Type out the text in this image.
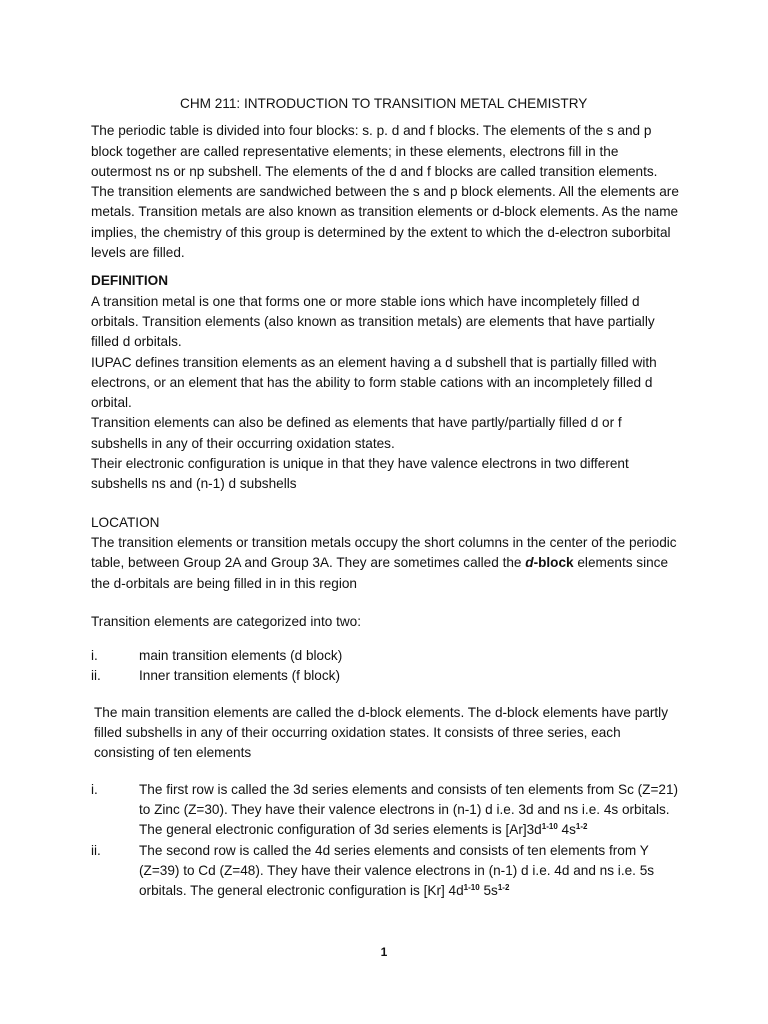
CHM 211: INTRODUCTION TO TRANSITION METAL CHEMISTRY

The periodic table is divided into four blocks: s. p. d and f blocks. The elements of the s and p block together are called representative elements; in these elements, electrons fill in the outermost ns or np subshell. The elements of the d and f blocks are called transition elements. The transition elements are sandwiched between the s and p block elements. All the elements are metals. Transition metals are also known as transition elements or d-block elements. As the name implies, the chemistry of this group is determined by the extent to which the d-electron suborbital levels are filled.

DEFINITION

A transition metal is one that forms one or more stable ions which have incompletely filled d orbitals. Transition elements (also known as transition metals) are elements that have partially filled d orbitals.

IUPAC defines transition elements as an element having a d subshell that is partially filled with electrons, or an element that has the ability to form stable cations with an incompletely filled d orbital.

Transition elements can also be defined as elements that have partly/partially filled d or f subshells in any of their occurring oxidation states.

Their electronic configuration is unique in that they have valence electrons in two different subshells ns and (n-1) d subshells

LOCATION

The transition elements or transition metals occupy the short columns in the center of the periodic table, between Group 2A and Group 3A. They are sometimes called the d-block elements since the d-orbitals are being filled in in this region

Transition elements are categorized into two:

i.	main transition elements (d block)
ii.	Inner transition elements (f block)

The main transition elements are called the d-block elements. The d-block elements have partly filled subshells in any of their occurring oxidation states. It consists of three series, each consisting of ten elements

i.	The first row is called the 3d series elements and consists of ten elements from Sc (Z=21) to Zinc (Z=30). They have their valence electrons in (n-1) d i.e. 3d and ns i.e. 4s orbitals. The general electronic configuration of 3d series elements is $[Ar]3d^{1-10}$ $4s^{1-2}$
ii.	The second row is called the 4d series elements and consists of ten elements from Y (Z=39) to Cd (Z=48). They have their valence electrons in (n-1) d i.e. 4d and ns i.e. 5s orbitals. The general electronic configuration is [Kr] $4d^{1-10}$ $5s^{1-2}$
1
